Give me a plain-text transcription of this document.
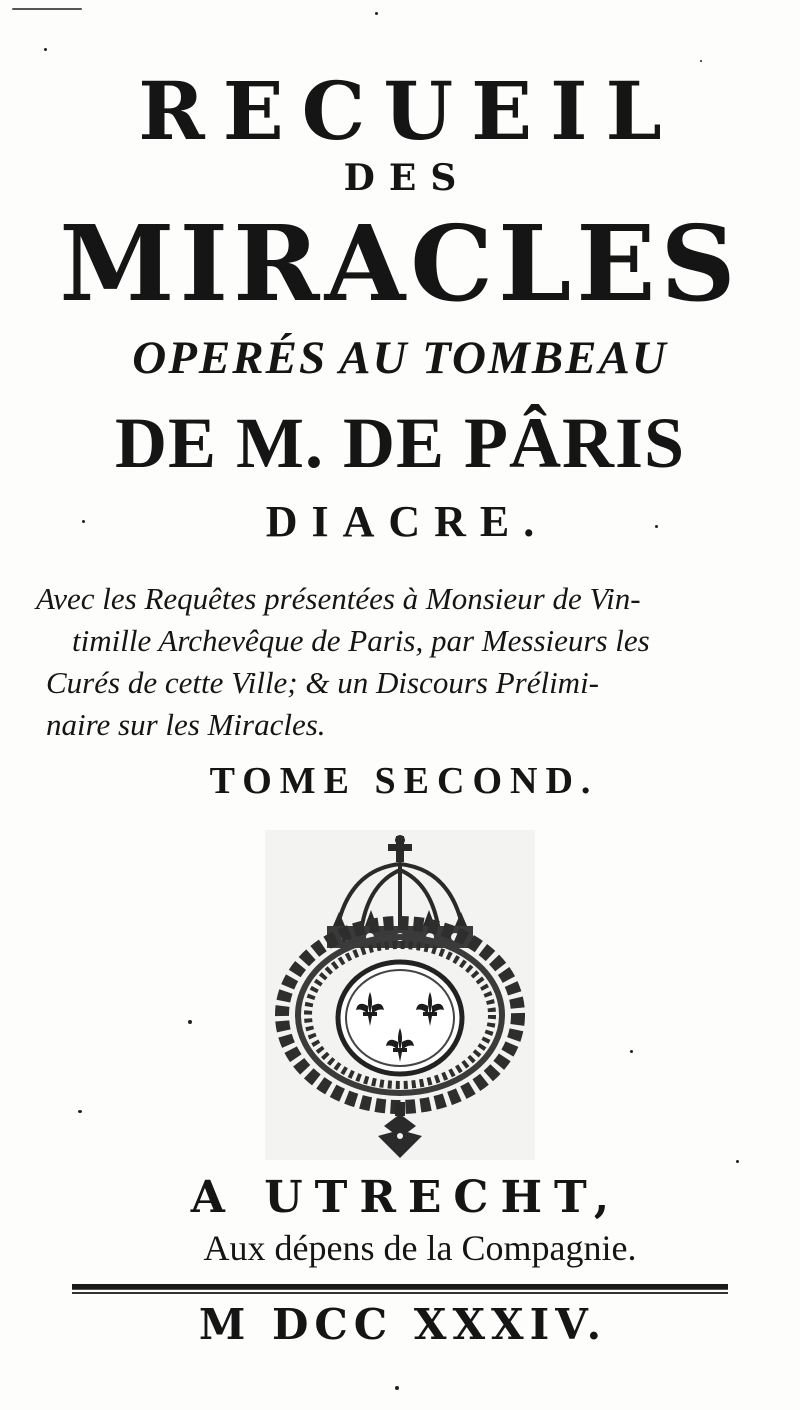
RECUEIL

DES

MIRACLES

OPERÉS AU TOMBEAU

DE M. DE PÂRIS

DIACRE.

Avec les Requêtes présentées à Monsieur de Vin-

timille Archevêque de Paris, par Messieurs les

Curés de cette Ville; & un Discours Prélimi-

naire sur les Miracles.

TOME SECOND.

A UTRECHT,

Aux dépens de la Compagnie.

M DCC XXXIV.
